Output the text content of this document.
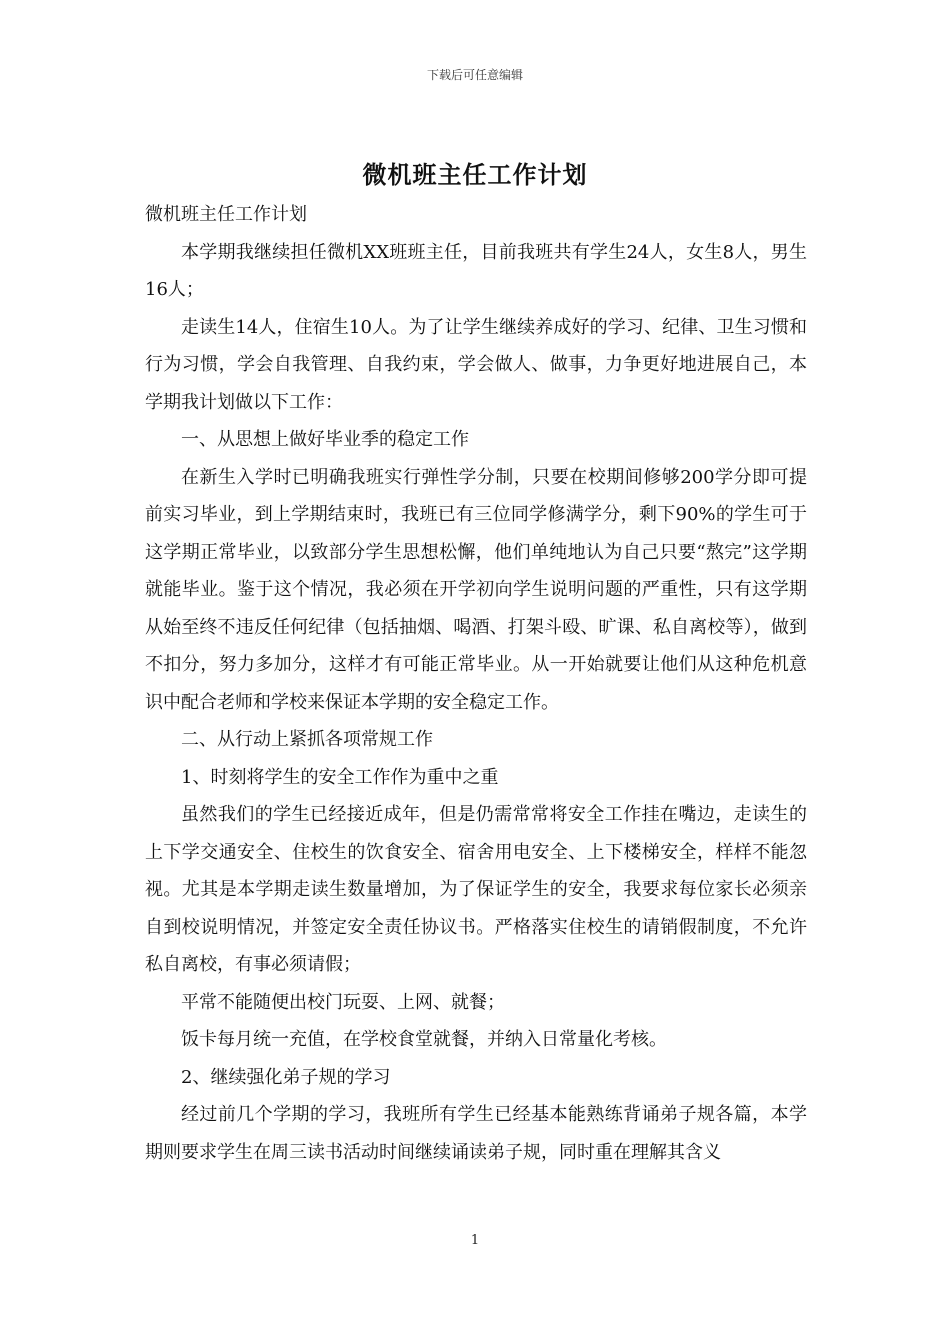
下载后可任意编辑
微机班主任工作计划

微机班主任工作计划

本学期我继续担任微机XX班班主任，目前我班共有学生24人，女生8人，男生16人；

走读生14人，住宿生10人。为了让学生继续养成好的学习、纪律、卫生习惯和行为习惯，学会自我管理、自我约束，学会做人、做事，力争更好地进展自己，本学期我计划做以下工作：

一、从思想上做好毕业季的稳定工作

在新生入学时已明确我班实行弹性学分制，只要在校期间修够200学分即可提前实习毕业，到上学期结束时，我班已有三位同学修满学分，剩下90%的学生可于这学期正常毕业，以致部分学生思想松懈，他们单纯地认为自己只要“熬完”这学期就能毕业。鉴于这个情况，我必须在开学初向学生说明问题的严重性，只有这学期从始至终不违反任何纪律（包括抽烟、喝酒、打架斗殴、旷课、私自离校等），做到不扣分，努力多加分，这样才有可能正常毕业。从一开始就要让他们从这种危机意识中配合老师和学校来保证本学期的安全稳定工作。

二、从行动上紧抓各项常规工作

1、时刻将学生的安全工作作为重中之重

虽然我们的学生已经接近成年，但是仍需常常将安全工作挂在嘴边，走读生的上下学交通安全、住校生的饮食安全、宿舍用电安全、上下楼梯安全，样样不能忽视。尤其是本学期走读生数量增加，为了保证学生的安全，我要求每位家长必须亲自到校说明情况，并签定安全责任协议书。严格落实住校生的请销假制度，不允许私自离校，有事必须请假；

平常不能随便出校门玩耍、上网、就餐；

饭卡每月统一充值，在学校食堂就餐，并纳入日常量化考核。

2、继续强化弟子规的学习

经过前几个学期的学习，我班所有学生已经基本能熟练背诵弟子规各篇，本学期则要求学生在周三读书活动时间继续诵读弟子规，同时重在理解其含义

1
